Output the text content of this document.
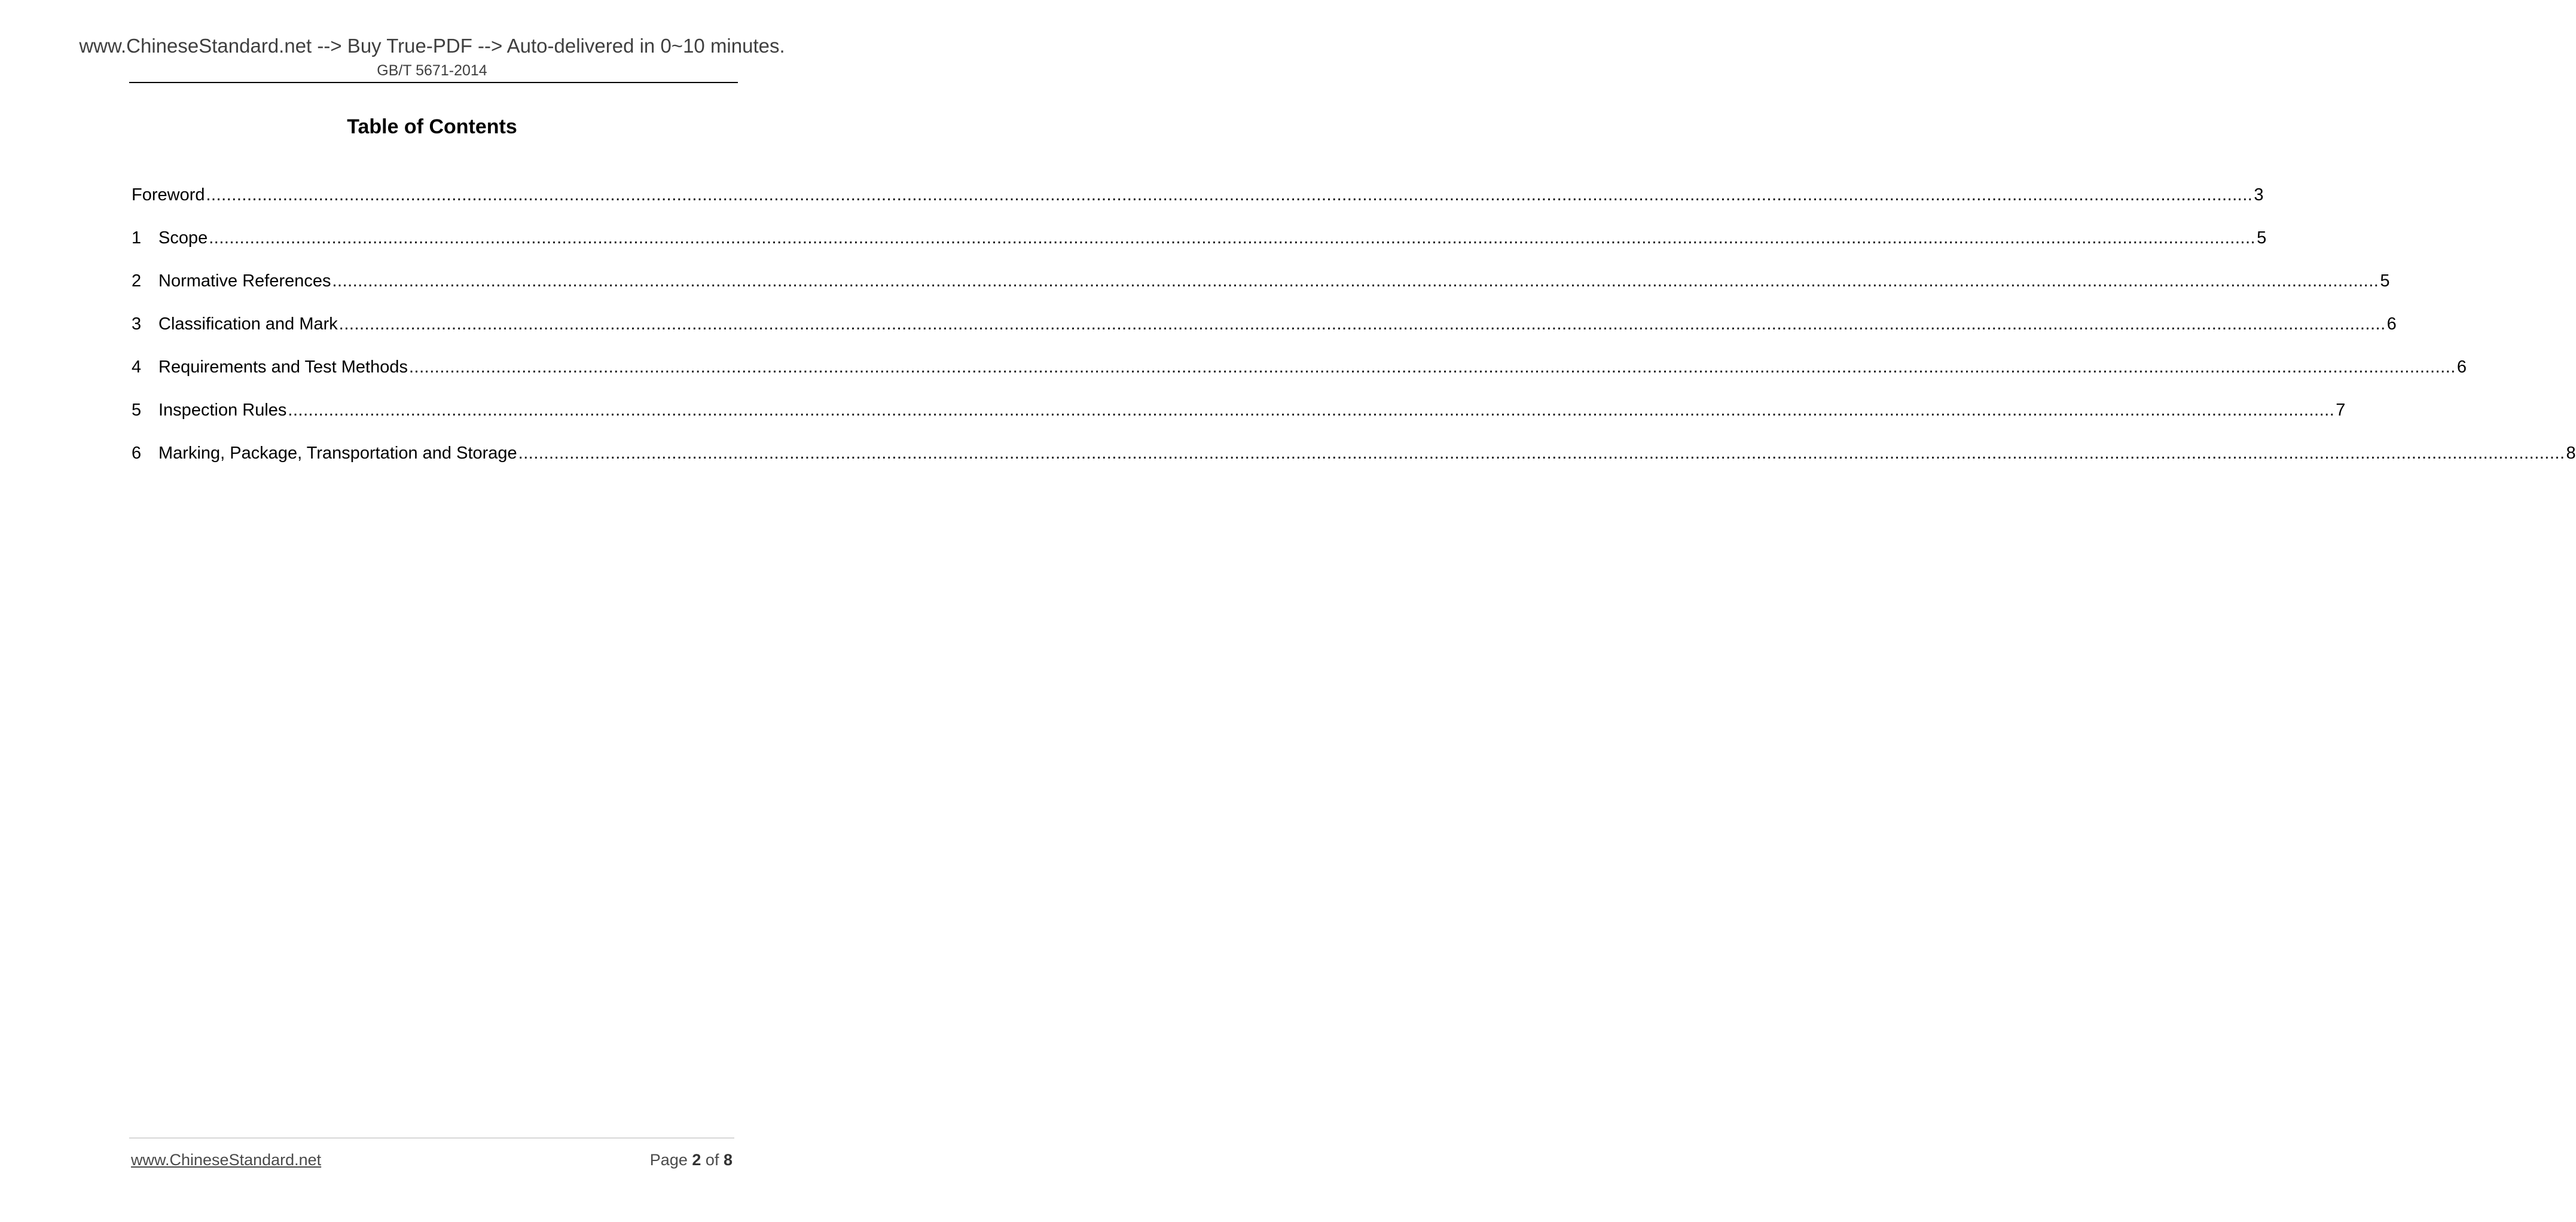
www.ChineseStandard.net --> Buy True-PDF --> Auto-delivered in 0~10 minutes.
GB/T 5671-2014
Table of Contents
Foreword ................................................................................................................................................................................................................................................................................................................................................................................................................ 3
1 Scope ................................................................................................................................................................................................................................................................................................................................................................................................................ 5
2 Normative References ................................................................................................................................................................................................................................................................................................................................................................................................................ 5
3 Classification and Mark ................................................................................................................................................................................................................................................................................................................................................................................................................ 6
4 Requirements and Test Methods ................................................................................................................................................................................................................................................................................................................................................................................................................ 6
5 Inspection Rules ................................................................................................................................................................................................................................................................................................................................................................................................................ 7
6 Marking, Package, Transportation and Storage ................................................................................................................................................................................................................................................................................................................................................................................................................ 8
www.ChineseStandard.net	Page 2 of 8
